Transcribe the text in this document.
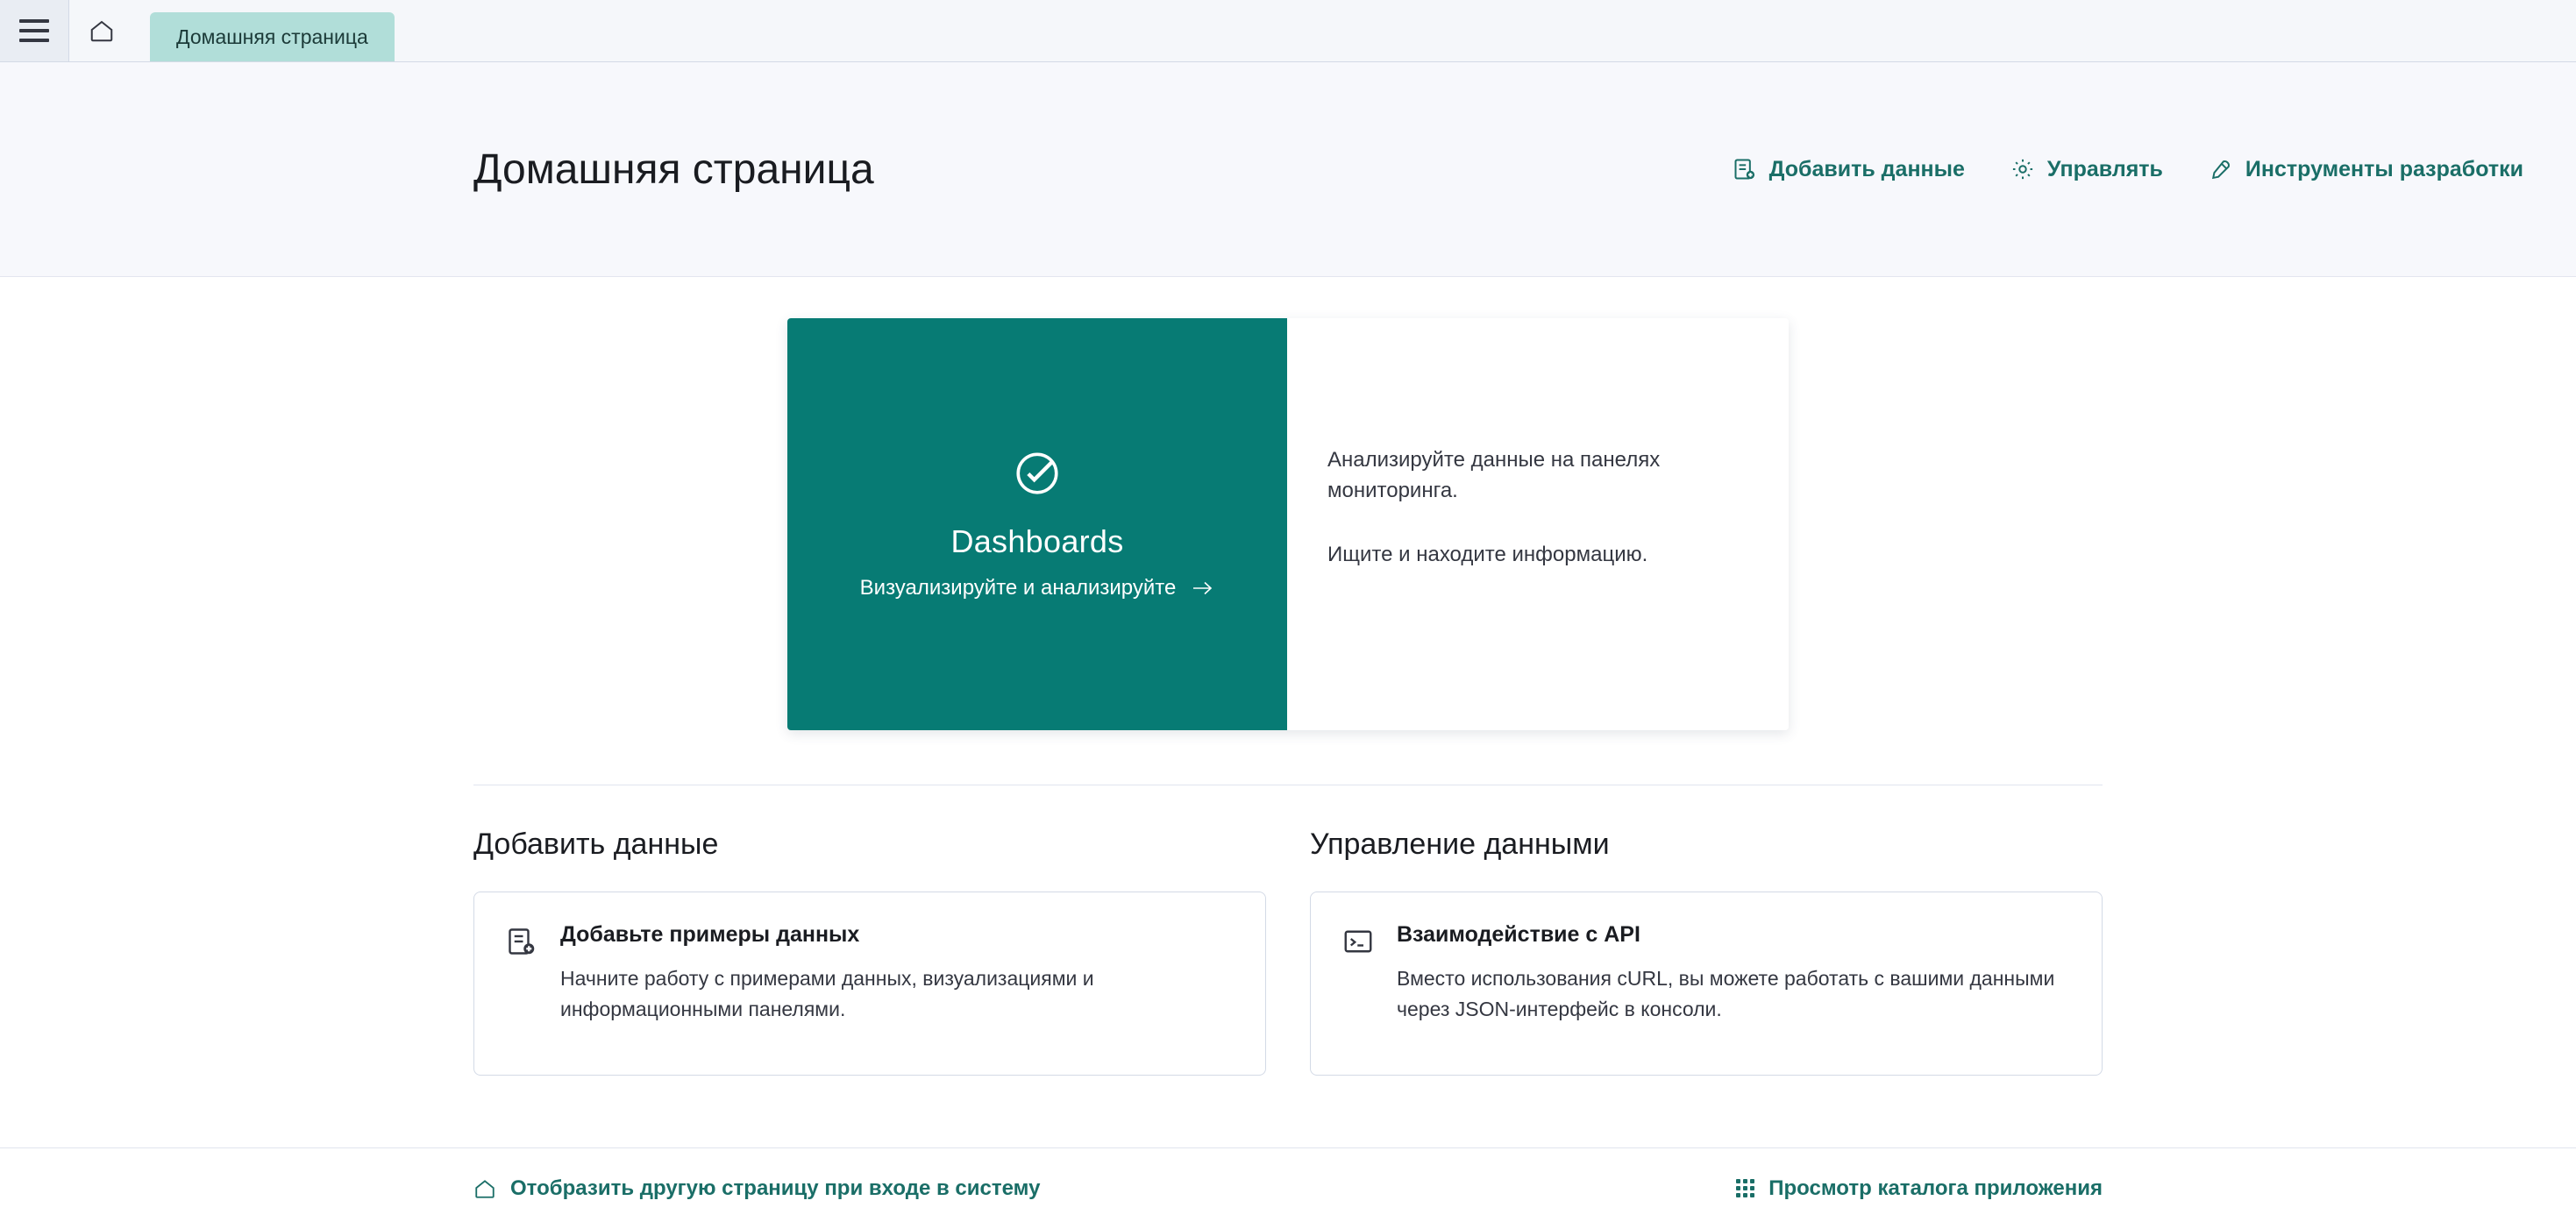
Домашняя страница
Домашняя страница	Добавить данные	Управлять	Инструменты разработки
Dashboards
Визуализируйте и анализируйте

Анализируйте данные на панелях мониторинга.

Ищите и находите информацию.

Добавить данные

Добавьте примеры данных

Начните работу с примерами данных, визуализациями и информационными панелями.

Управление данными

Взаимодействие с API

Вместо использования cURL, вы можете работать с вашими данными через JSON-интерфейс в консоли.

Отобразить другую страницу при входе в систему	Просмотр каталога приложения
